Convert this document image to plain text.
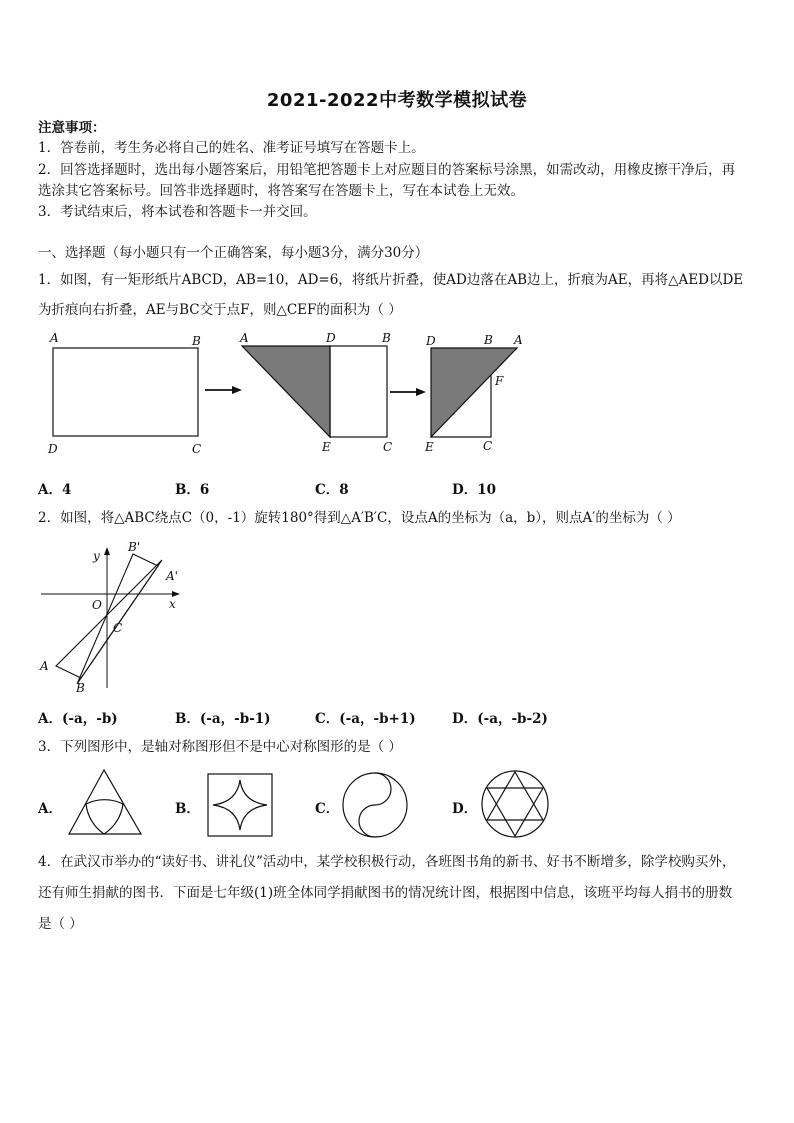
2021-2022中考数学模拟试卷
注意事项：
1．答卷前，考生务必将自己的姓名、准考证号填写在答题卡上。
2．回答选择题时，选出每小题答案后，用铅笔把答题卡上对应题目的答案标号涂黑，如需改动，用橡皮擦干净后，再
选涂其它答案标号。回答非选择题时，将答案写在答题卡上，写在本试卷上无效。
3．考试结束后，将本试卷和答题卡一并交回。
一、选择题（每小题只有一个正确答案，每小题3分，满分30分）
1．如图，有一矩形纸片ABCD，AB=10，AD=6，将纸片折叠，使AD边落在AB边上，折痕为AE，再将△AED以DE
为折痕向右折叠，AE与BC交于点F，则△CEF的面积为（ ）
A	B
C
D
A	D	B
E	C
D	B A
F
E	C
A．4	B．6	C．8	D．10
2．如图，将△ABC绕点C（0，-1）旋转180°得到△A′B′C，设点A的坐标为（a，b），则点A′的坐标为（ ）
y
x
O
C
A
B
B'
A'
A．(-a，-b)	B．(-a，-b-1)	C．(-a，-b+1)	D．(-a，-b-2)
3．下列图形中，是轴对称图形但不是中心对称图形的是（ ）
A．	B．	C．	D．
4．在武汉市举办的“读好书、讲礼仪”活动中，某学校积极行动，各班图书角的新书、好书不断增多，除学校购买外，
还有师生捐献的图书．下面是七年级(1)班全体同学捐献图书的情况统计图，根据图中信息，该班平均每人捐书的册数
是（ ）
